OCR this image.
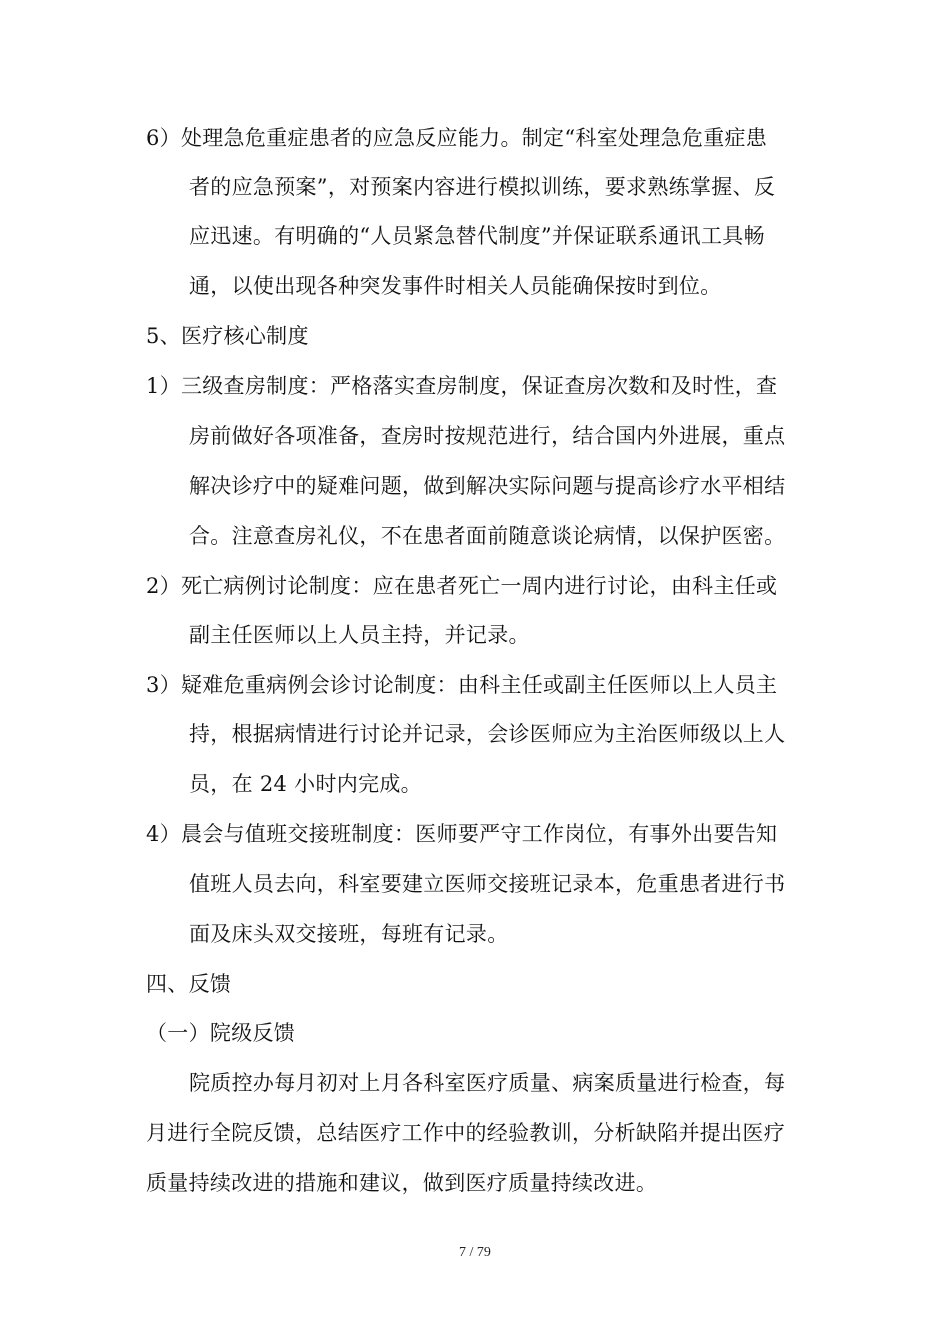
6）处理急危重症患者的应急反应能力。制定“科室处理急危重症患
者的应急预案”，对预案内容进行模拟训练，要求熟练掌握、反
应迅速。有明确的“人员紧急替代制度”并保证联系通讯工具畅
通，以使出现各种突发事件时相关人员能确保按时到位。
5、医疗核心制度
1）三级查房制度：严格落实查房制度，保证查房次数和及时性，查
房前做好各项准备，查房时按规范进行，结合国内外进展，重点
解决诊疗中的疑难问题，做到解决实际问题与提高诊疗水平相结
合。注意查房礼仪，不在患者面前随意谈论病情，以保护医密。
2）死亡病例讨论制度：应在患者死亡一周内进行讨论，由科主任或
副主任医师以上人员主持，并记录。
3）疑难危重病例会诊讨论制度：由科主任或副主任医师以上人员主
持，根据病情进行讨论并记录，会诊医师应为主治医师级以上人
员，在 24 小时内完成。
4）晨会与值班交接班制度：医师要严守工作岗位，有事外出要告知
值班人员去向，科室要建立医师交接班记录本，危重患者进行书
面及床头双交接班，每班有记录。
四、反馈
（一）院级反馈
院质控办每月初对上月各科室医疗质量、病案质量进行检查，每
月进行全院反馈，总结医疗工作中的经验教训，分析缺陷并提出医疗
质量持续改进的措施和建议，做到医疗质量持续改进。
7 / 79
